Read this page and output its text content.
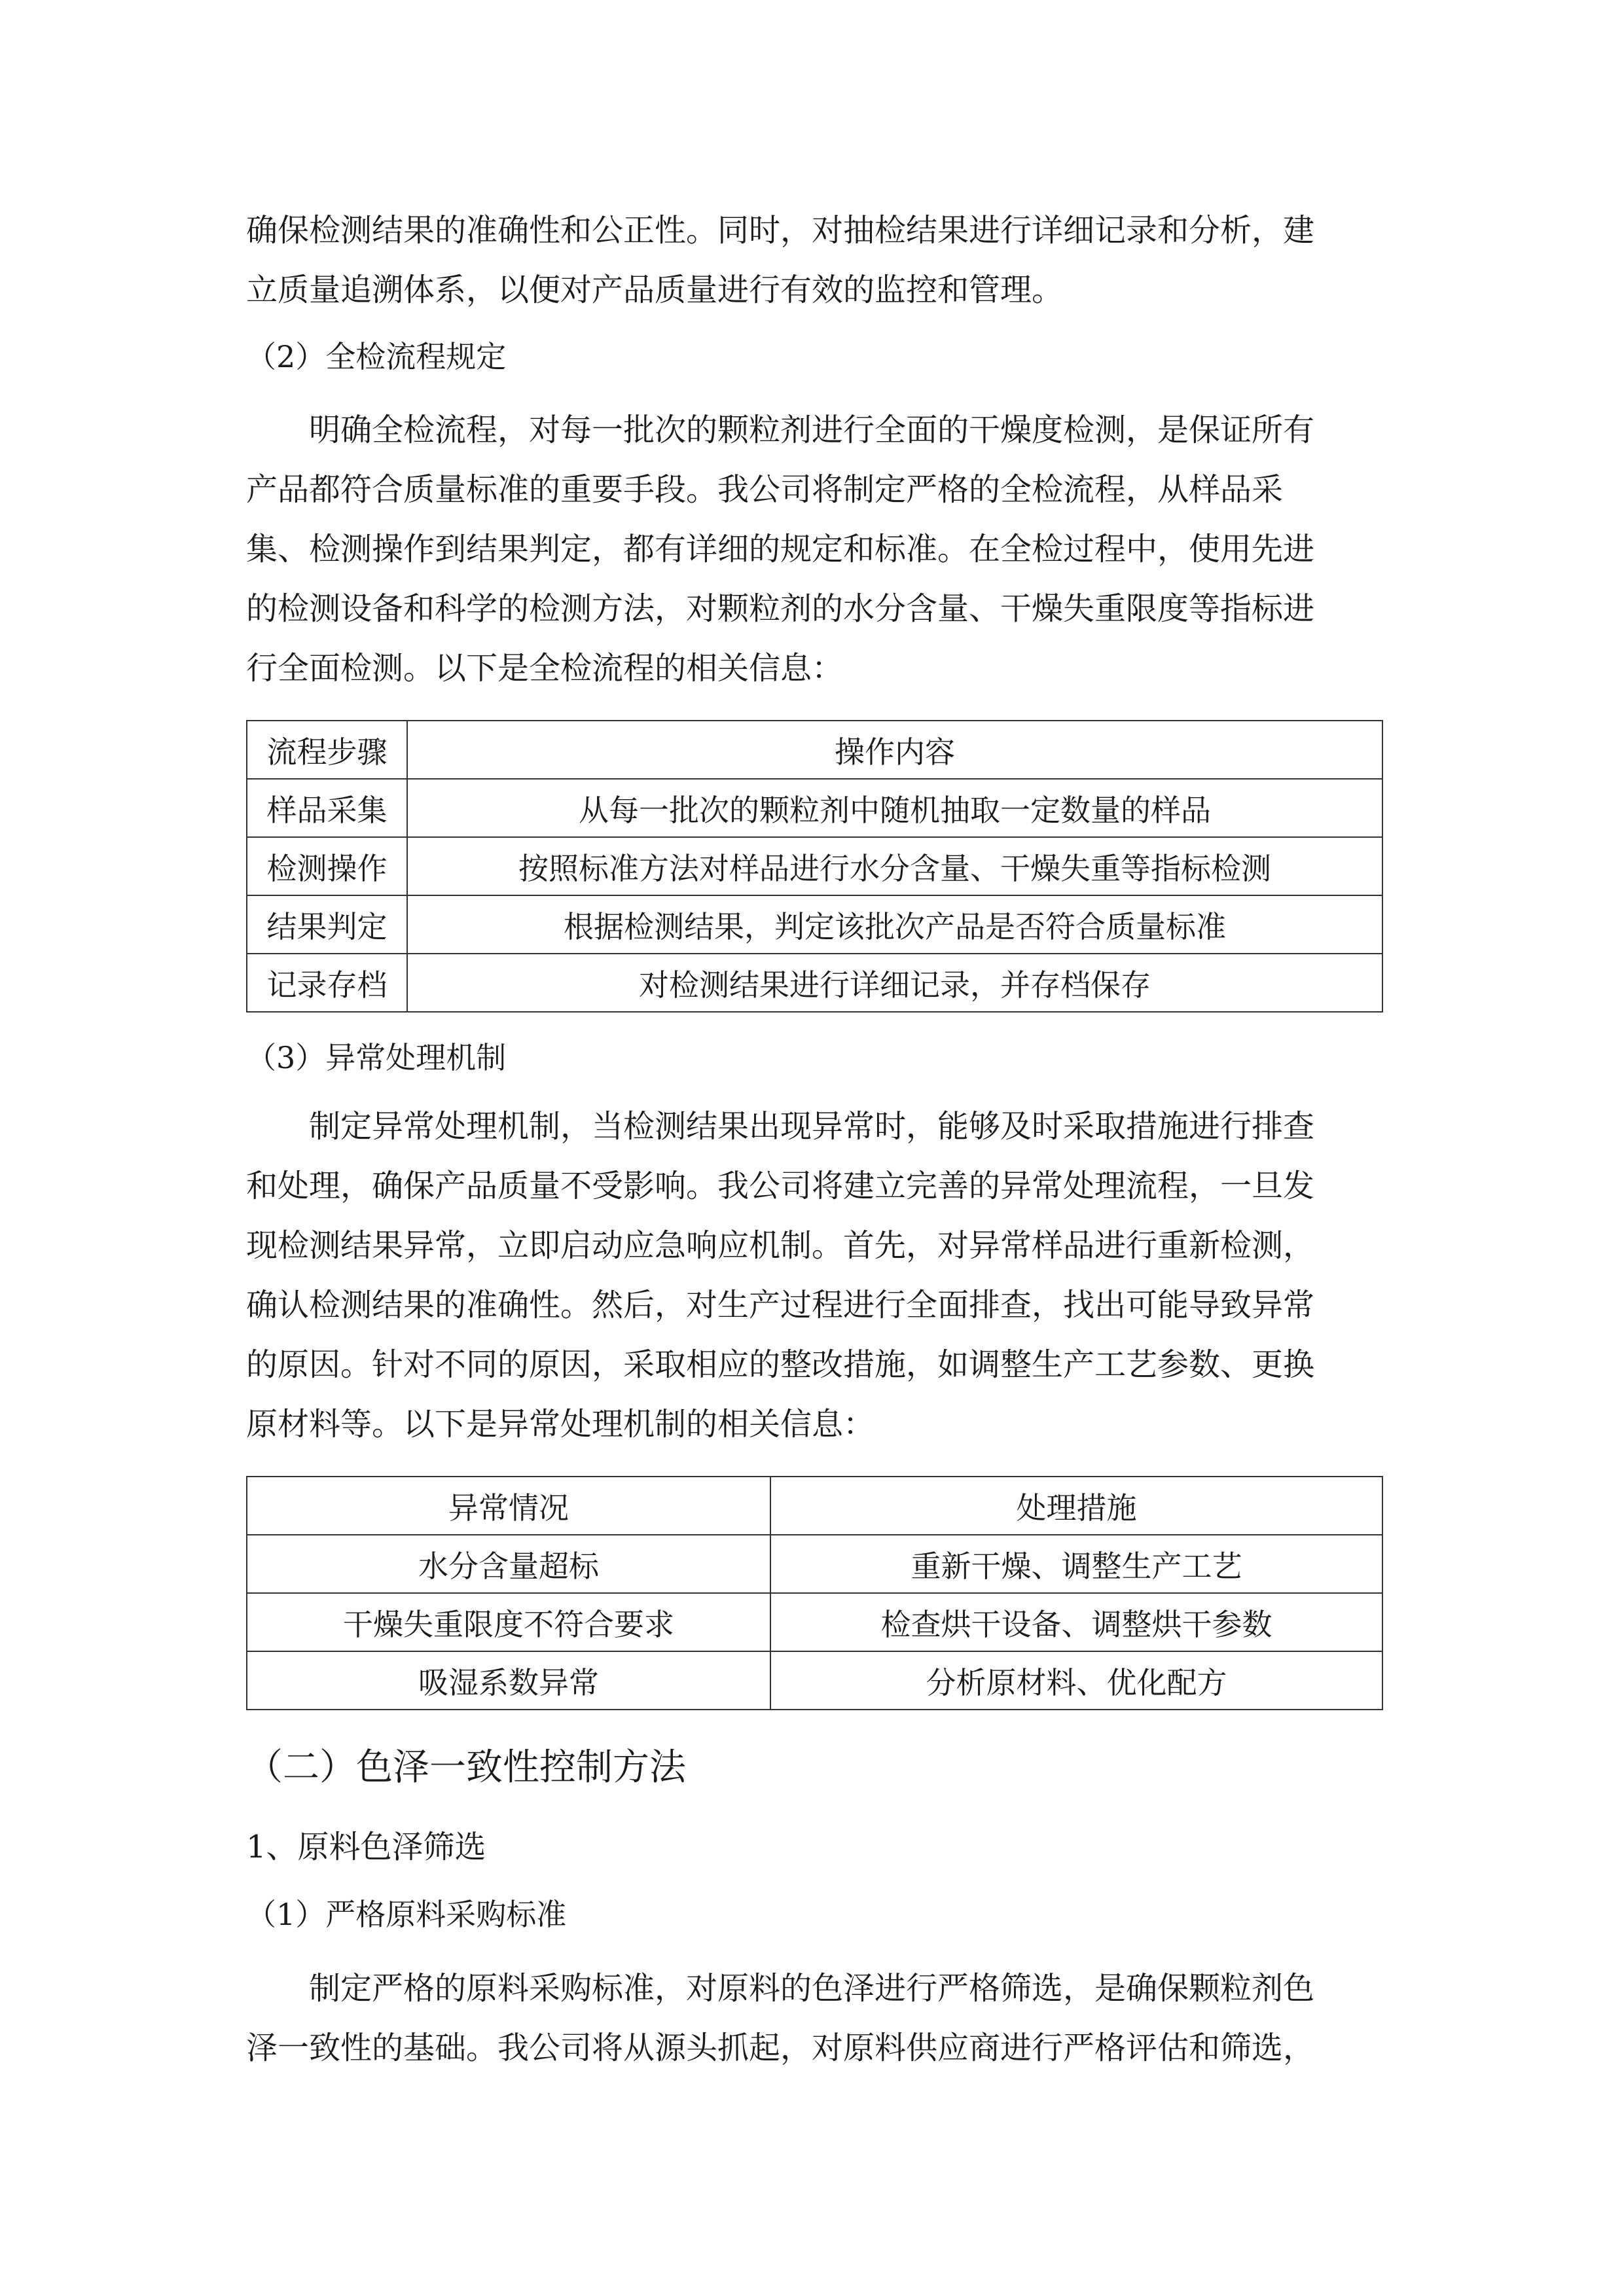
确保检测结果的准确性和公正性。同时，对抽检结果进行详细记录和分析，建

立质量追溯体系，以便对产品质量进行有效的监控和管理。

（2）全检流程规定

明确全检流程，对每一批次的颗粒剂进行全面的干燥度检测，是保证所有

产品都符合质量标准的重要手段。我公司将制定严格的全检流程，从样品采

集、检测操作到结果判定，都有详细的规定和标准。在全检过程中，使用先进

的检测设备和科学的检测方法，对颗粒剂的水分含量、干燥失重限度等指标进

行全面检测。以下是全检流程的相关信息：

流程步骤	操作内容
样品采集	从每一批次的颗粒剂中随机抽取一定数量的样品
检测操作	按照标准方法对样品进行水分含量、干燥失重等指标检测
结果判定	根据检测结果，判定该批次产品是否符合质量标准
记录存档	对检测结果进行详细记录，并存档保存

（3）异常处理机制

制定异常处理机制，当检测结果出现异常时，能够及时采取措施进行排查

和处理，确保产品质量不受影响。我公司将建立完善的异常处理流程，一旦发

现检测结果异常，立即启动应急响应机制。首先，对异常样品进行重新检测，

确认检测结果的准确性。然后，对生产过程进行全面排查，找出可能导致异常

的原因。针对不同的原因，采取相应的整改措施，如调整生产工艺参数、更换

原材料等。以下是异常处理机制的相关信息：

异常情况	处理措施
水分含量超标	重新干燥、调整生产工艺
干燥失重限度不符合要求	检查烘干设备、调整烘干参数
吸湿系数异常	分析原材料、优化配方

（二）色泽一致性控制方法

1、原料色泽筛选

（1）严格原料采购标准

制定严格的原料采购标准，对原料的色泽进行严格筛选，是确保颗粒剂色

泽一致性的基础。我公司将从源头抓起，对原料供应商进行严格评估和筛选，
